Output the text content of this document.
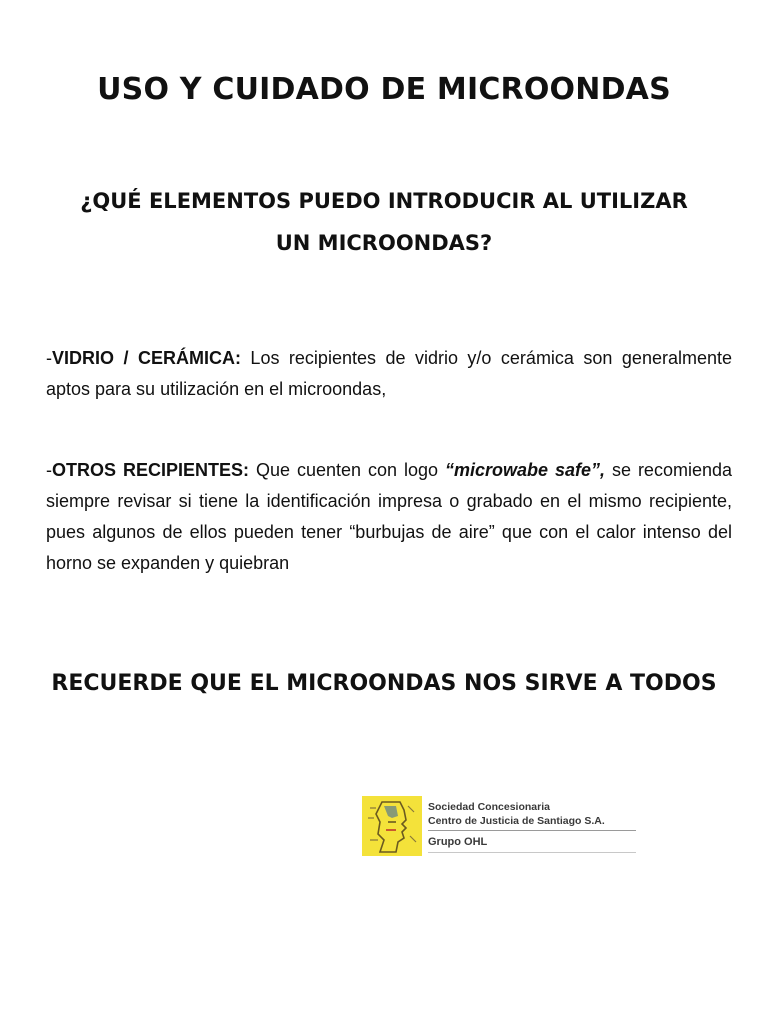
USO Y CUIDADO DE MICROONDAS
¿QUÉ ELEMENTOS PUEDO INTRODUCIR AL UTILIZAR UN MICROONDAS?

-VIDRIO / CERÁMICA: Los recipientes de vidrio y/o cerámica son generalmente aptos para su utilización en el microondas,

-OTROS RECIPIENTES: Que cuenten con logo “microwabe safe”, se recomienda siempre revisar si tiene la identificación impresa o grabado en el mismo recipiente, pues algunos de ellos pueden tener “burbujas de aire” que con el calor intenso del horno se expanden y quiebran

RECUERDE QUE EL MICROONDAS NOS SIRVE A TODOS
Sociedad Concesionaria
Centro de Justicia de Santiago S.A.
Grupo OHL
